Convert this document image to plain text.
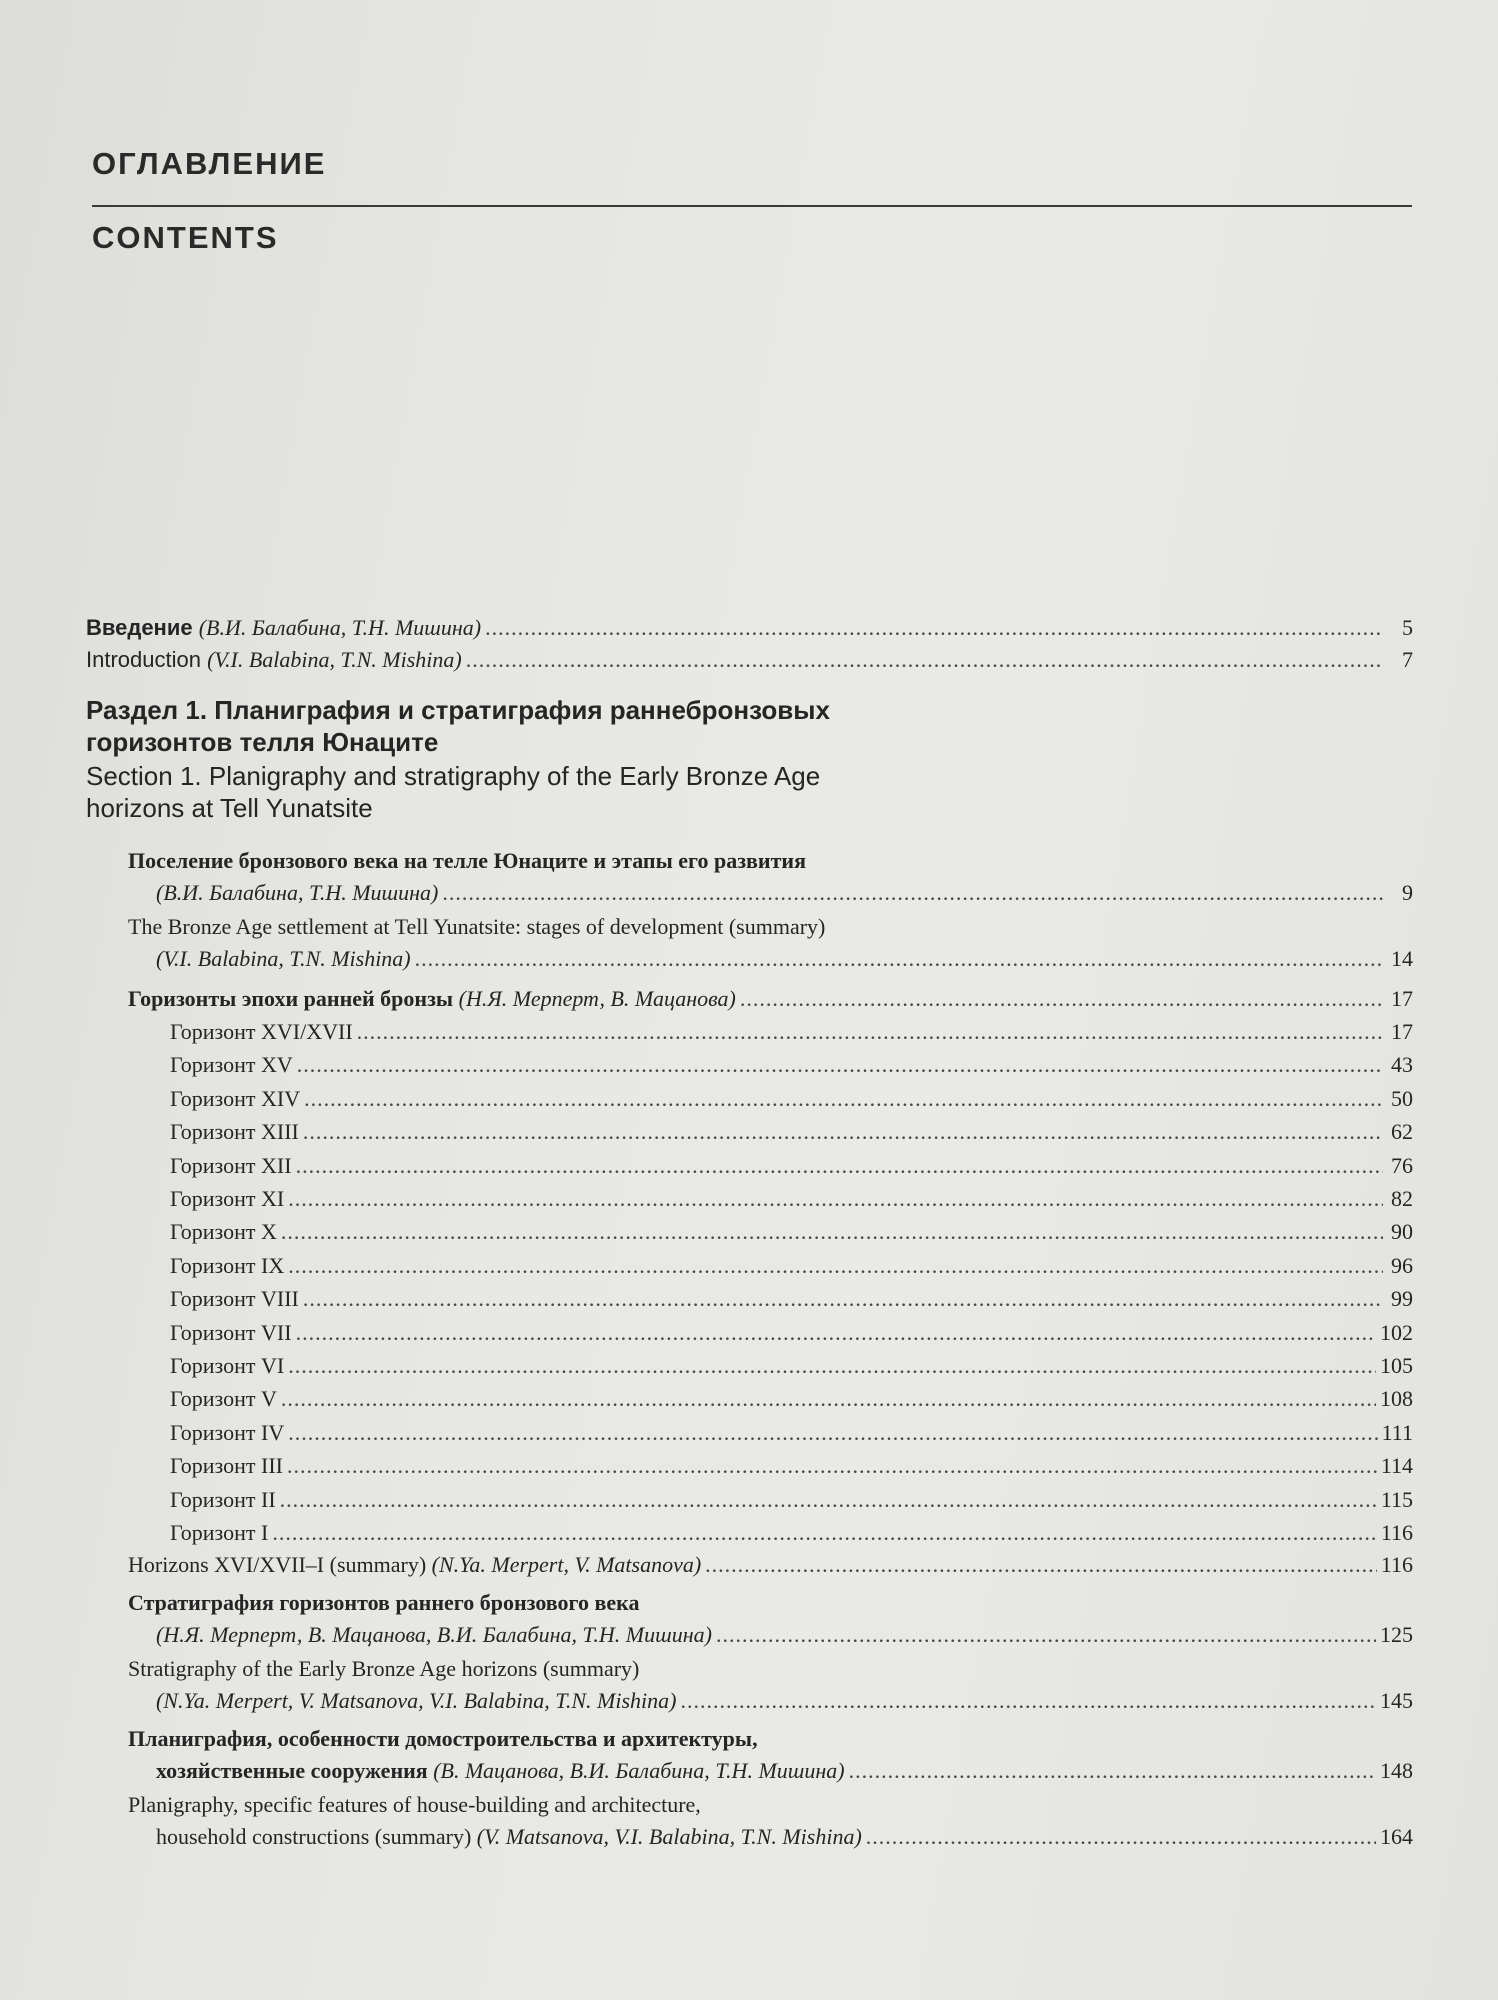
ОГЛАВЛЕНИЕ
CONTENTS
Введение (В.И. Балабина, Т.Н. Мишина) .....	5
Introduction (V.I. Balabina, T.N. Mishina) .....	7
Раздел 1. Планиграфия и стратиграфия раннебронзовых
горизонтов телля Юнаците
Section 1. Planigraphy and stratigraphy of the Early Bronze Age
horizons at Tell Yunatsite
Поселение бронзового века на телле Юнаците и этапы его развития
(В.И. Балабина, Т.Н. Мишина) .....	9
The Bronze Age settlement at Tell Yunatsite: stages of development (summary)
(V.I. Balabina, T.N. Mishina) .....	14
Горизонты эпохи ранней бронзы (Н.Я. Мерперт, В. Мацанова) .....	17
Горизонт XVI/XVII .....	17
Горизонт XV .....	43
Горизонт XIV .....	50
Горизонт XIII .....	62
Горизонт XII .....	76
Горизонт XI .....	82
Горизонт X .....	90
Горизонт IX .....	96
Горизонт VIII .....	99
Горизонт VII .....	102
Горизонт VI .....	105
Горизонт V .....	108
Горизонт IV .....	111
Горизонт III .....	114
Горизонт II .....	115
Горизонт I .....	116
Horizons XVI/XVII–I (summary) (N.Ya. Merpert, V. Matsanova) .....	116
Стратиграфия горизонтов раннего бронзового века
(Н.Я. Мерперт, В. Мацанова, В.И. Балабина, Т.Н. Мишина) .....	125
Stratigraphy of the Early Bronze Age horizons (summary)
(N.Ya. Merpert, V. Matsanova, V.I. Balabina, T.N. Mishina) .....	145
Планиграфия, особенности домостроительства и архитектуры,
хозяйственные сооружения (В. Мацанова, В.И. Балабина, Т.Н. Мишина) .....	148
Planigraphy, specific features of house-building and architecture,
household constructions (summary) (V. Matsanova, V.I. Balabina, T.N. Mishina) .....	164
